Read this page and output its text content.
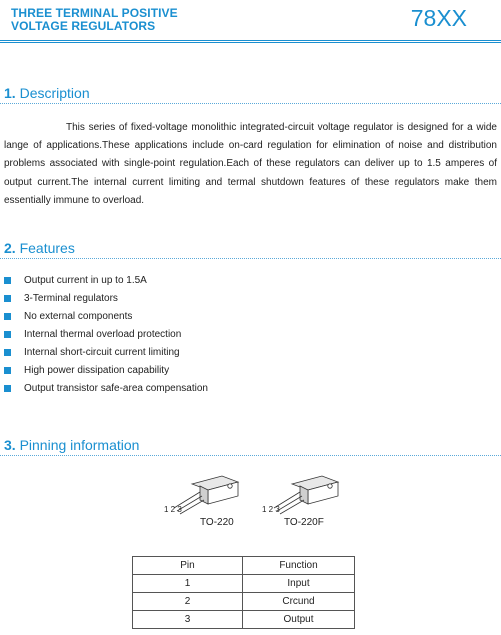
THREE TERMINAL POSITIVE
VOLTAGE REGULATORS	78XX
1. Description
This series of fixed-voltage monolithic integrated-circuit voltage regulator is designed for a wide lange of applications.These applications include on-card regulation for elimination of noise and distribution problems associated with single-point regulation.Each of these regulators can deliver up to 1.5 amperes of output current.The internal current limiting and termal shutdown features of these regulators make them essentially immune to overload.
2. Features
Output current in up to 1.5A
3-Terminal regulators
No external components
Internal thermal overload protection
Internal short-circuit current limiting
High power dissipation capability
Output transistor safe-area compensation
3. Pinning information
1 2 3
TO-220
1 2 3
TO-220F
Pin	Function
1	Input
2	Crcund
3	Output
